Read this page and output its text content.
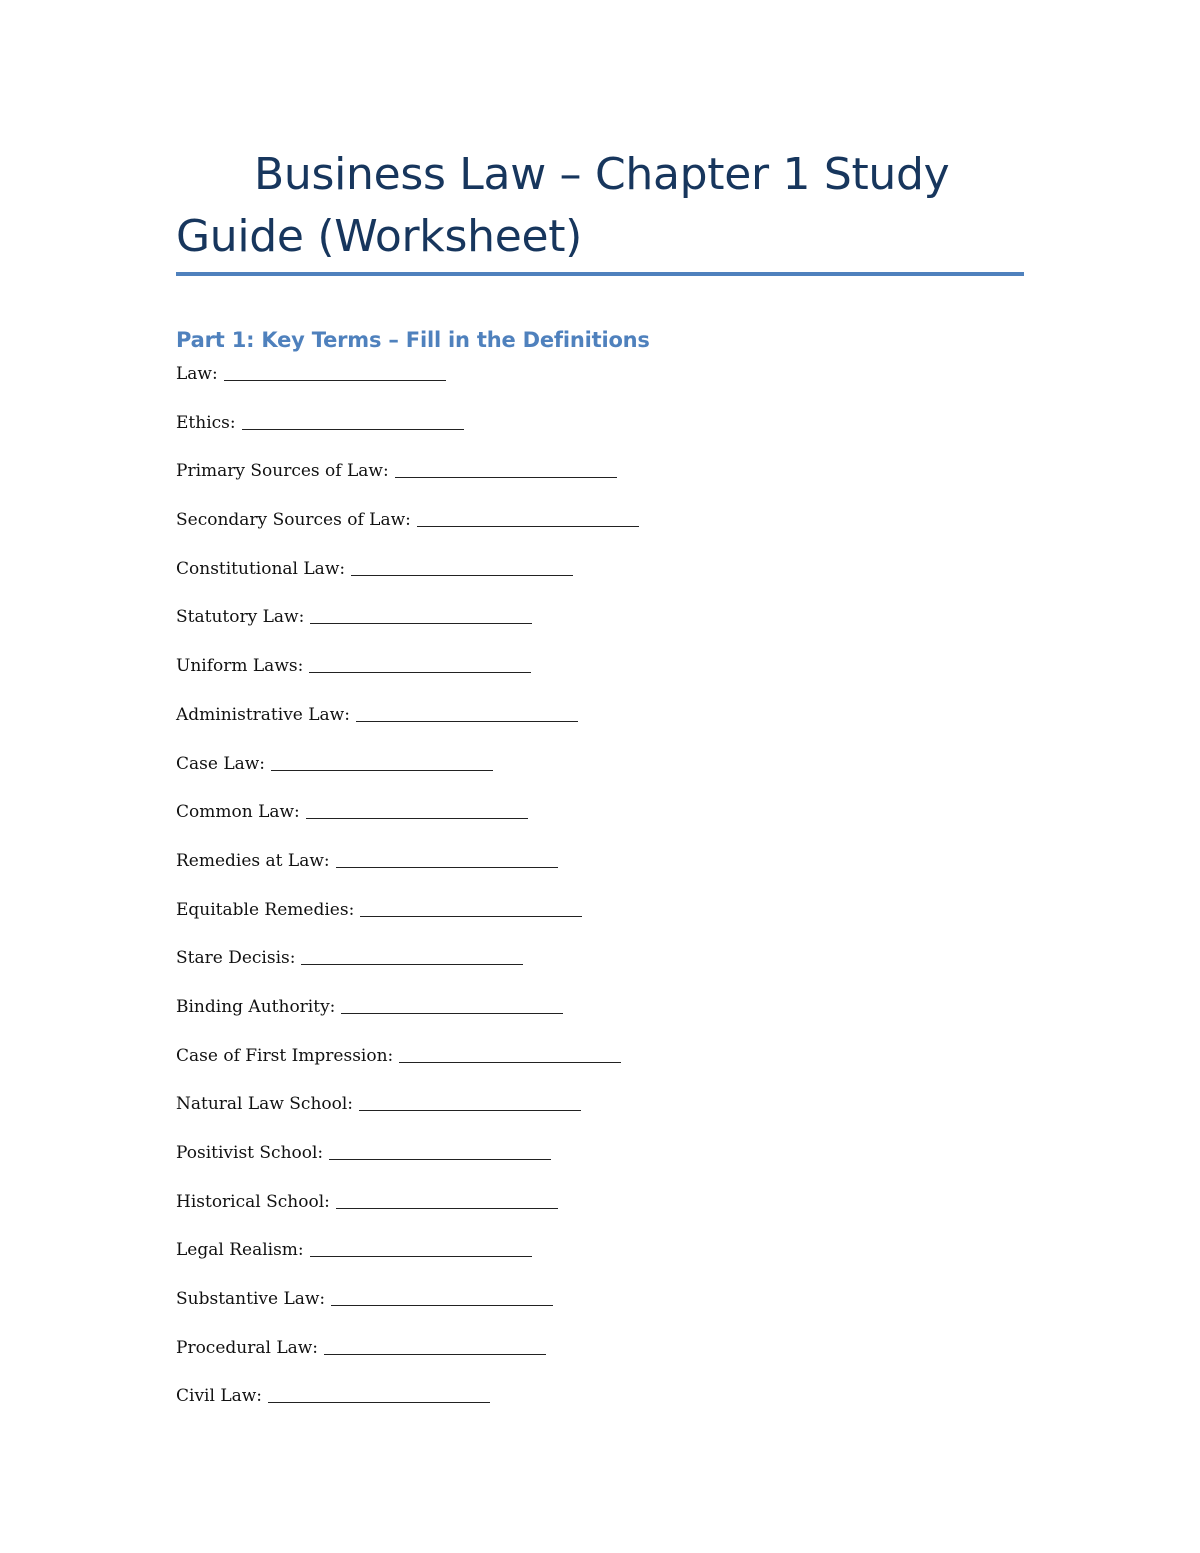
Business Law – Chapter 1 Study Guide (Worksheet)
Part 1: Key Terms – Fill in the Definitions
Law:
Ethics:
Primary Sources of Law:
Secondary Sources of Law:
Constitutional Law:
Statutory Law:
Uniform Laws:
Administrative Law:
Case Law:
Common Law:
Remedies at Law:
Equitable Remedies:
Stare Decisis:
Binding Authority:
Case of First Impression:
Natural Law School:
Positivist School:
Historical School:
Legal Realism:
Substantive Law:
Procedural Law:
Civil Law:
